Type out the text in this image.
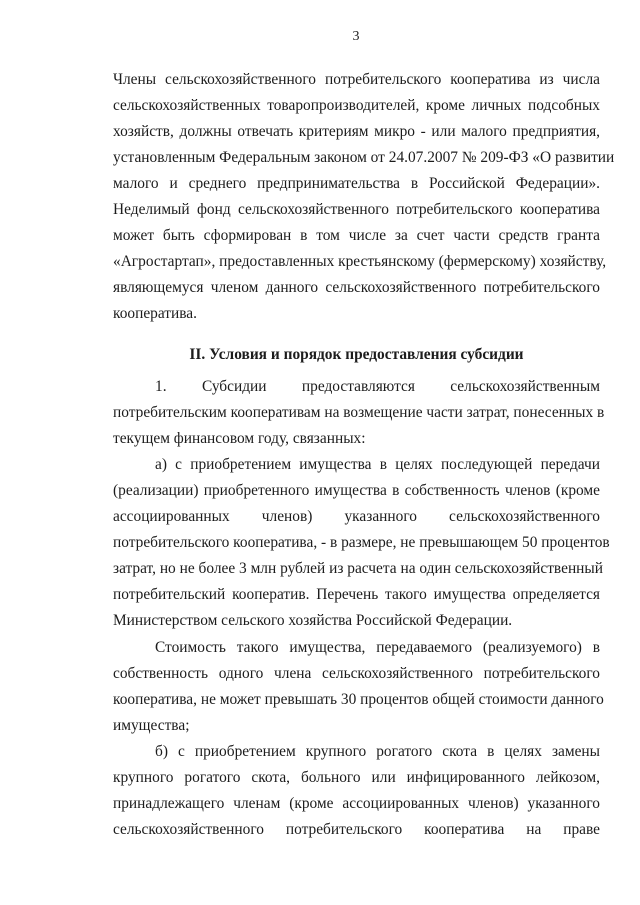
3
Члены сельскохозяйственного потребительского кооператива из числа
сельскохозяйственных товаропроизводителей, кроме личных подсобных
хозяйств, должны отвечать критериям микро - или малого предприятия,
установленным Федеральным законом от 24.07.2007 № 209-ФЗ «О развитии
малого и среднего предпринимательства в Российской Федерации».
Неделимый фонд сельскохозяйственного потребительского кооператива
может быть сформирован в том числе за счет части средств гранта
«Агростартап», предоставленных крестьянскому (фермерскому) хозяйству,
являющемуся членом данного сельскохозяйственного потребительского
кооператива.
II. Условия и порядок предоставления субсидии
1. Субсидии предоставляются сельскохозяйственным
потребительским кооперативам на возмещение части затрат, понесенных в
текущем финансовом году, связанных:
а) с приобретением имущества в целях последующей передачи
(реализации) приобретенного имущества в собственность членов (кроме
ассоциированных членов) указанного сельскохозяйственного
потребительского кооператива, - в размере, не превышающем 50 процентов
затрат, но не более 3 млн рублей из расчета на один сельскохозяйственный
потребительский кооператив. Перечень такого имущества определяется
Министерством сельского хозяйства Российской Федерации.
Стоимость такого имущества, передаваемого (реализуемого) в
собственность одного члена сельскохозяйственного потребительского
кооператива, не может превышать 30 процентов общей стоимости данного
имущества;
б) с приобретением крупного рогатого скота в целях замены
крупного рогатого скота, больного или инфицированного лейкозом,
принадлежащего членам (кроме ассоциированных членов) указанного
сельскохозяйственного потребительского кооператива на праве
